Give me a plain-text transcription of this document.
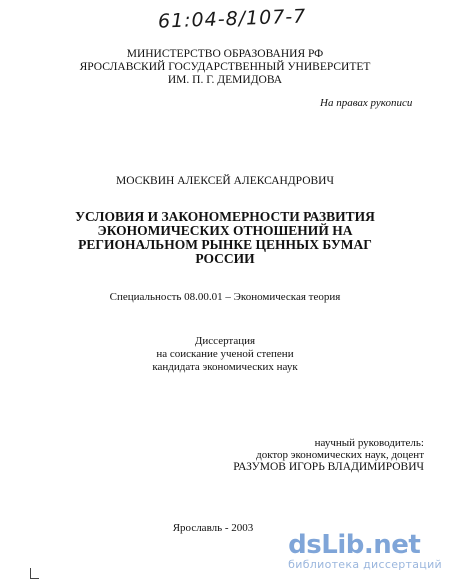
61:04-8/107-7
МИНИСТЕРСТВО ОБРАЗОВАНИЯ РФ
ЯРОСЛАВСКИЙ ГОСУДАРСТВЕННЫЙ УНИВЕРСИТЕТ
ИМ. П. Г. ДЕМИДОВА
На правах рукописи
МОСКВИН АЛЕКСЕЙ АЛЕКСАНДРОВИЧ
УСЛОВИЯ И ЗАКОНОМЕРНОСТИ РАЗВИТИЯ
ЭКОНОМИЧЕСКИХ ОТНОШЕНИЙ НА
РЕГИОНАЛЬНОМ РЫНКЕ ЦЕННЫХ БУМАГ
РОССИИ
Специальность 08.00.01 – Экономическая теория
Диссертация
на соискание ученой степени
кандидата экономических наук
научный руководитель:
доктор экономических наук, доцент
РАЗУМОВ ИГОРЬ ВЛАДИМИРОВИЧ
Ярославль - 2003
dsLib.net
библиотека диссертаций
